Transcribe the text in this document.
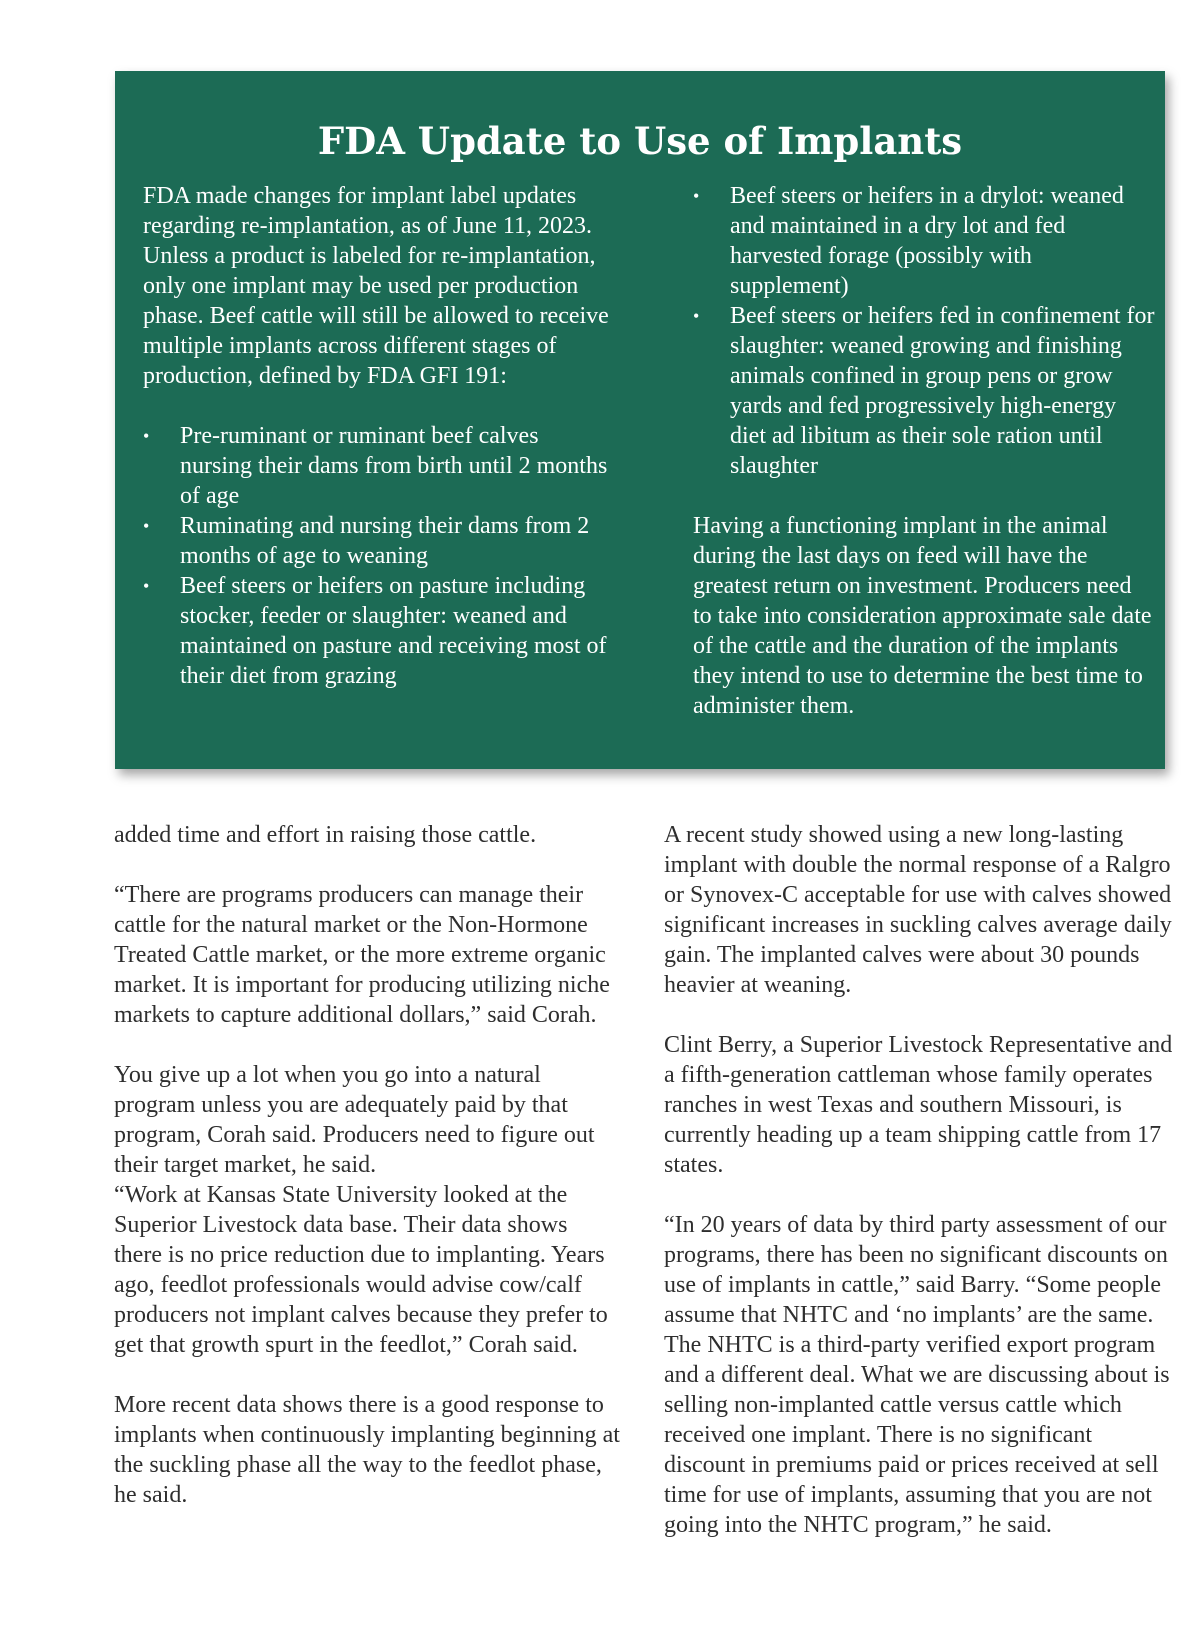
FDA Update to Use of Implants

FDA made changes for implant label updates regarding re-implantation, as of June 11, 2023. Unless a product is labeled for re-implantation, only one implant may be used per production phase. Beef cattle will still be allowed to receive multiple implants across different stages of production, defined by FDA GFI 191:

• Pre-ruminant or ruminant beef calves nursing their dams from birth until 2 months of age
• Ruminating and nursing their dams from 2 months of age to weaning
• Beef steers or heifers on pasture including stocker, feeder or slaughter: weaned and maintained on pasture and receiving most of their diet from grazing
• Beef steers or heifers in a drylot: weaned and maintained in a dry lot and fed harvested forage (possibly with supplement)
• Beef steers or heifers fed in confinement for slaughter: weaned growing and finishing animals confined in group pens or grow yards and fed progressively high-energy diet ad libitum as their sole ration until slaughter

Having a functioning implant in the animal during the last days on feed will have the greatest return on investment. Producers need to take into consideration approximate sale date of the cattle and the duration of the implants they intend to use to determine the best time to administer them.

added time and effort in raising those cattle.

“There are programs producers can manage their cattle for the natural market or the Non-Hormone Treated Cattle market, or the more extreme organic market. It is important for producing utilizing niche markets to capture additional dollars,” said Corah.

You give up a lot when you go into a natural program unless you are adequately paid by that program, Corah said. Producers need to figure out their target market, he said.

“Work at Kansas State University looked at the Superior Livestock data base. Their data shows there is no price reduction due to implanting. Years ago, feedlot professionals would advise cow/calf producers not implant calves because they prefer to get that growth spurt in the feedlot,” Corah said.

More recent data shows there is a good response to implants when continuously implanting beginning at the suckling phase all the way to the feedlot phase, he said.

A recent study showed using a new long-lasting implant with double the normal response of a Ralgro or Synovex-C acceptable for use with calves showed significant increases in suckling calves average daily gain. The implanted calves were about 30 pounds heavier at weaning.

Clint Berry, a Superior Livestock Representative and a fifth-generation cattleman whose family operates ranches in west Texas and southern Missouri, is currently heading up a team shipping cattle from 17 states.

“In 20 years of data by third party assessment of our programs, there has been no significant discounts on use of implants in cattle,” said Barry. “Some people assume that NHTC and ‘no implants’ are the same. The NHTC is a third-party verified export program and a different deal. What we are discussing about is selling non-implanted cattle versus cattle which received one implant. There is no significant discount in premiums paid or prices received at sell time for use of implants, assuming that you are not going into the NHTC program,” he said.
